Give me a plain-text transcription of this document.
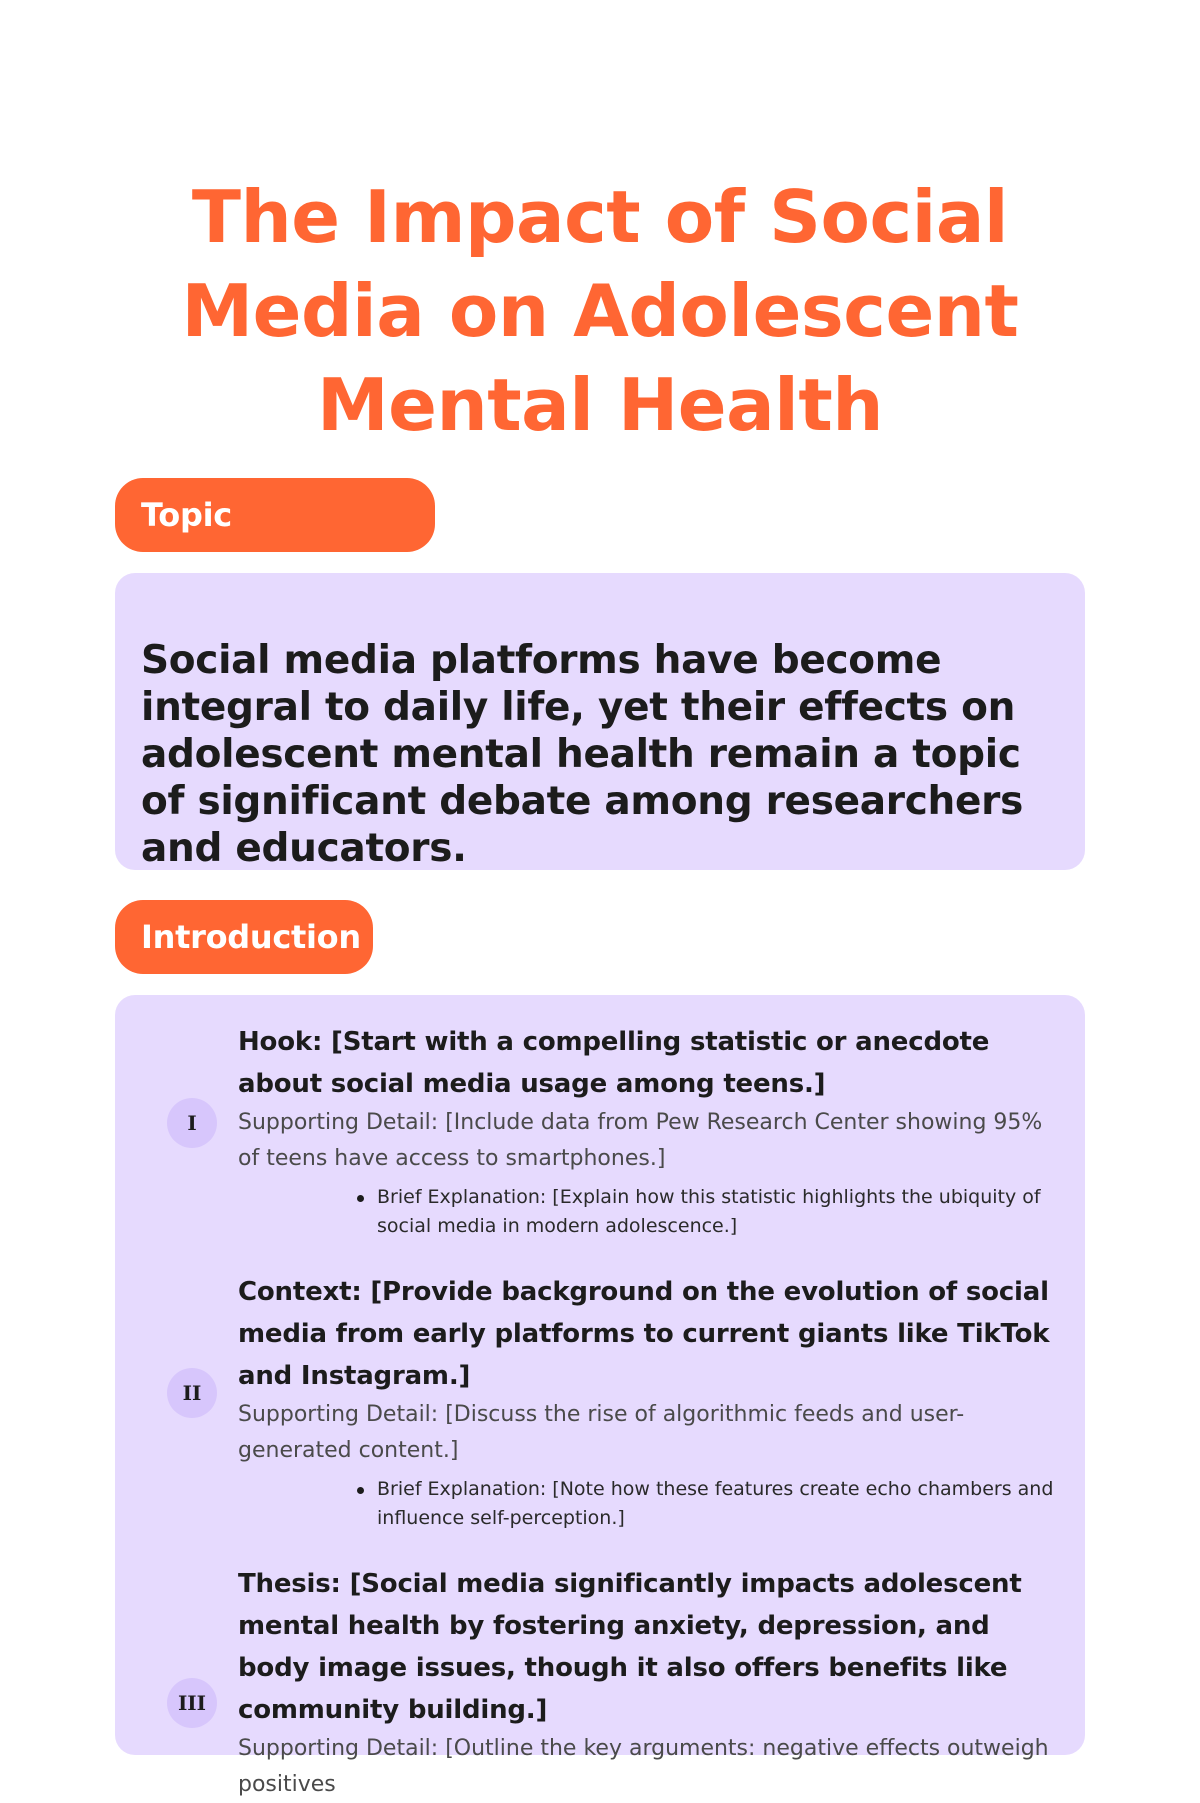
The Impact of Social Media on Adolescent Mental Health
Topic

Social media platforms have become integral to daily life, yet their effects on adolescent mental health remain a topic of significant debate among researchers and educators.

Introduction
I

Hook: [Start with a compelling statistic or anecdote about social media usage among teens.]

Supporting Detail: [Include data from Pew Research Center showing 95% of teens have access to smartphones.]

Brief Explanation: [Explain how this statistic highlights the ubiquity of social media in modern adolescence.]
II

Context: [Provide background on the evolution of social media from early platforms to current giants like TikTok and Instagram.]

Supporting Detail: [Discuss the rise of algorithmic feeds and user-generated content.]

Brief Explanation: [Note how these features create echo chambers and influence self-perception.]
III

Thesis: [Social media significantly impacts adolescent mental health by fostering anxiety, depression, and body image issues, though it also offers benefits like community building.]

Supporting Detail: [Outline the key arguments: negative effects outweigh positives
